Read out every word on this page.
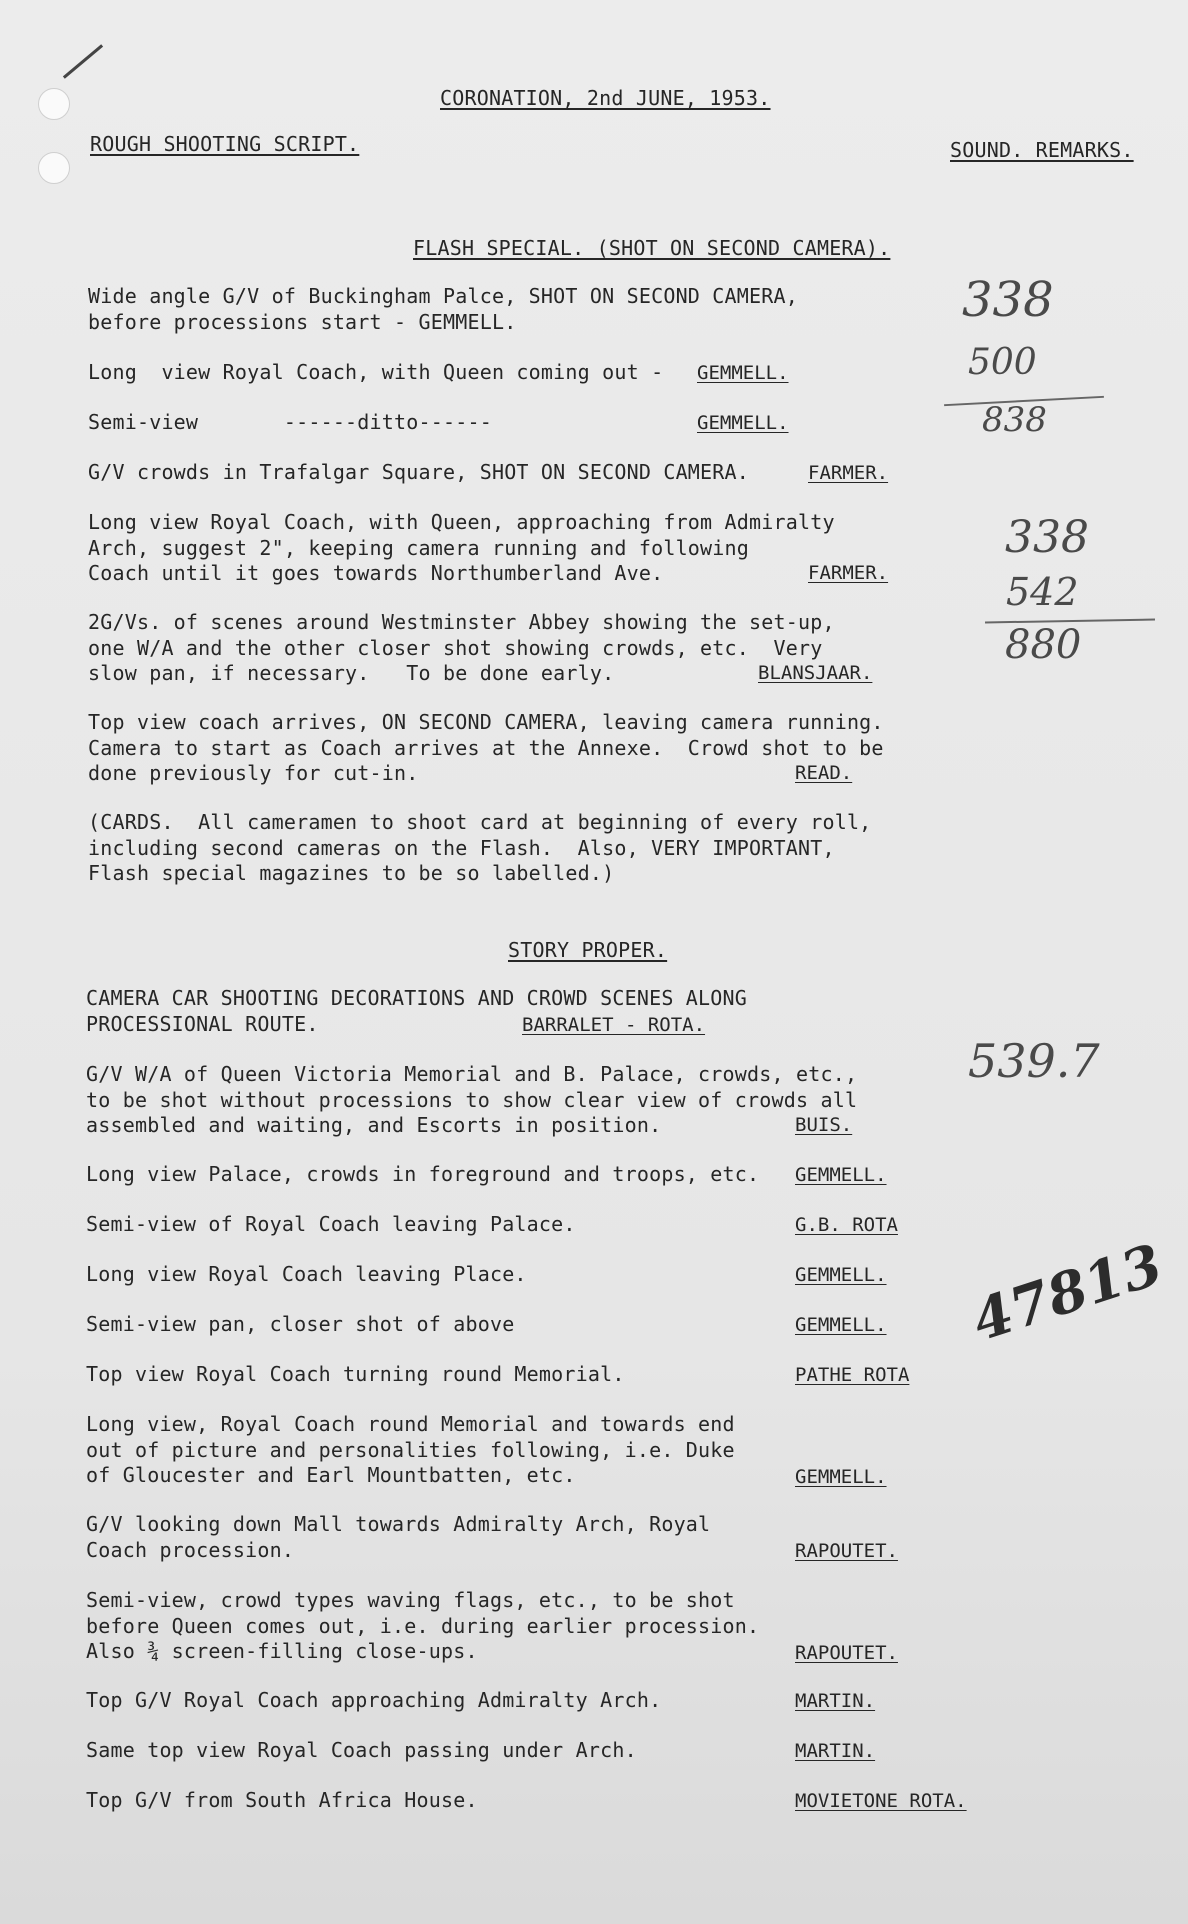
CORONATION, 2nd JUNE, 1953.
ROUGH SHOOTING SCRIPT.	SOUND. REMARKS.
FLASH SPECIAL. (SHOT ON SECOND CAMERA).
Wide angle G/V of Buckingham Palce, SHOT ON SECOND CAMERA,
before processions start - GEMMELL.
Long  view Royal Coach, with Queen coming out - GEMMELL.
Semi-view       ------ditto------	GEMMELL.
G/V crowds in Trafalgar Square, SHOT ON SECOND CAMERA.	FARMER.
Long view Royal Coach, with Queen, approaching from Admiralty
Arch, suggest 2", keeping camera running and following
Coach until it goes towards Northumberland Ave.	FARMER.
2G/Vs. of scenes around Westminster Abbey showing the set-up,
one W/A and the other closer shot showing crowds, etc.  Very
slow pan, if necessary.   To be done early.	BLANSJAAR.
Top view coach arrives, ON SECOND CAMERA, leaving camera running.
Camera to start as Coach arrives at the Annexe.  Crowd shot to be
done previously for cut-in.	READ.
(CARDS.  All cameramen to shoot card at beginning of every roll,
including second cameras on the Flash.  Also, VERY IMPORTANT,
Flash special magazines to be so labelled.)
STORY PROPER.
CAMERA CAR SHOOTING DECORATIONS AND CROWD SCENES ALONG
PROCESSIONAL ROUTE.	BARRALET - ROTA.
G/V W/A of Queen Victoria Memorial and B. Palace, crowds, etc.,
to be shot without processions to show clear view of crowds all
assembled and waiting, and Escorts in position.	BUIS.
Long view Palace, crowds in foreground and troops, etc. GEMMELL.
Semi-view of Royal Coach leaving Palace.	G.B. ROTA
Long view Royal Coach leaving Place.	GEMMELL.
Semi-view pan, closer shot of above	GEMMELL.
Top view Royal Coach turning round Memorial.	PATHE ROTA
Long view, Royal Coach round Memorial and towards end
out of picture and personalities following, i.e. Duke
of Gloucester and Earl Mountbatten, etc.	GEMMELL.
G/V looking down Mall towards Admiralty Arch, Royal
Coach procession.	RAPOUTET.
Semi-view, crowd types waving flags, etc., to be shot
before Queen comes out, i.e. during earlier procession.
Also ¾ screen-filling close-ups.	RAPOUTET.
Top G/V Royal Coach approaching Admiralty Arch.	MARTIN.
Same top view Royal Coach passing under Arch.	MARTIN.
Top G/V from South Africa House.	MOVIETONE ROTA.
338
500
838
338
542
880
539.7
47813
